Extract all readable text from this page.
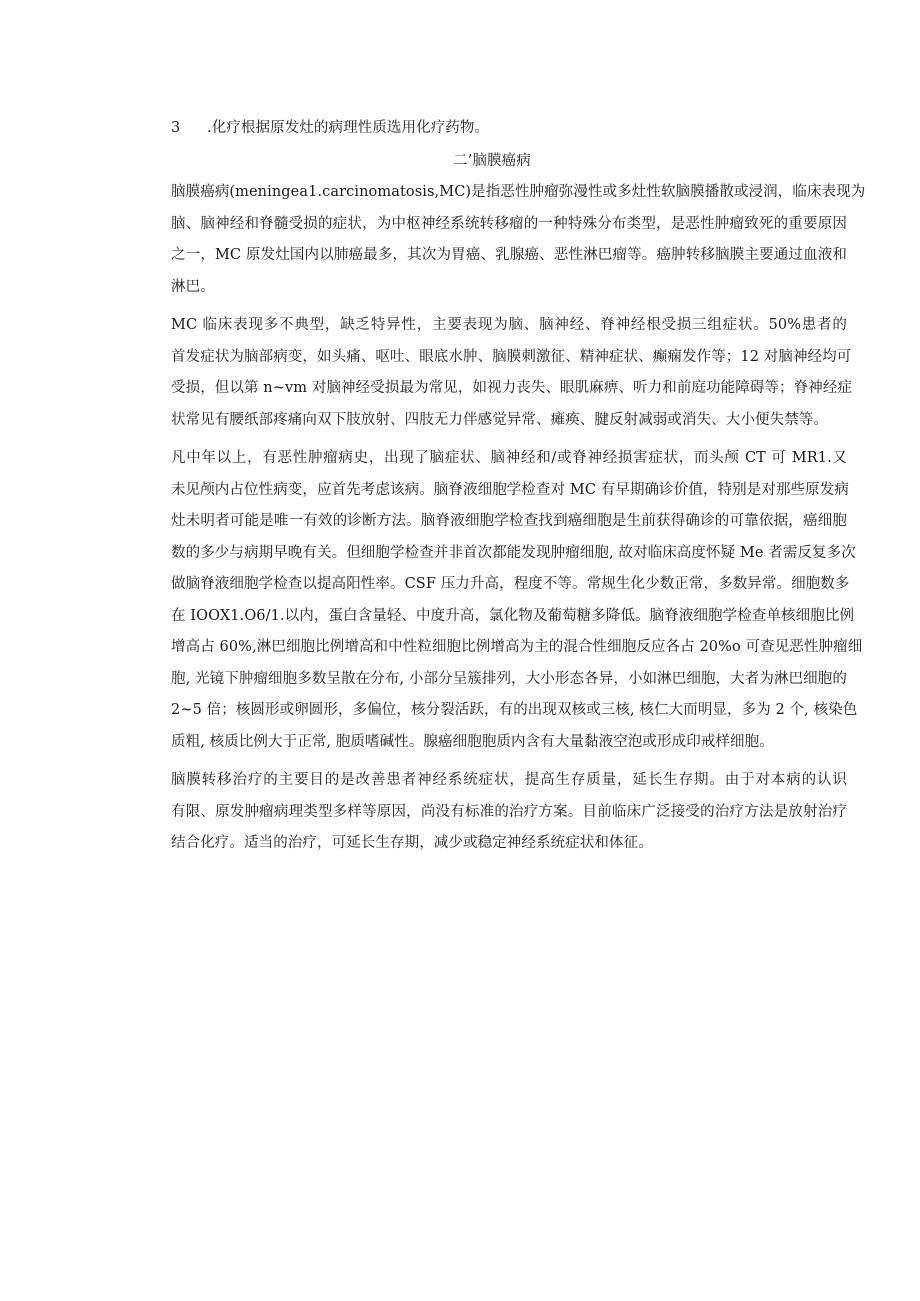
3 .化疗根据原发灶的病理性质选用化疗药物。

二’脑膜癌病

脑膜癌病(meningea1.carcinomatosis,MC)是指恶性肿瘤弥漫性或多灶性软脑膜播散或浸润，临床表现为
脑、脑神经和脊髓受损的症状，为中枢神经系统转移瘤的一种特殊分布类型，是恶性肿瘤致死的重要原因
之一，MC 原发灶国内以肺癌最多，其次为胃癌、乳腺癌、恶性淋巴瘤等。癌肿转移脑膜主要通过血液和
淋巴。
MC 临床表现多不典型，缺乏特异性，主要表现为脑、脑神经、脊神经根受损三组症状。50%患者的
首发症状为脑部病变，如头痛、呕吐、眼底水肿、脑膜刺激征、精神症状、癫痫发作等；12 对脑神经均可
受损，但以第 n~vm 对脑神经受损最为常见，如视力丧失、眼肌麻痹、听力和前庭功能障碍等；脊神经症
状常见有腰纸部疼痛向双下肢放射、四肢无力伴感觉异常、瘫痪、腱反射减弱或消失、大小便失禁等。
凡中年以上，有恶性肿瘤病史，出现了脑症状、脑神经和/或脊神经损害症状，而头颅 CT 可 MR1.又
未见颅内占位性病变，应首先考虑该病。脑脊液细胞学检查对 MC 有早期确诊价值，特别是对那些原发病
灶未明者可能是唯一有效的诊断方法。脑脊液细胞学检查找到癌细胞是生前获得确诊的可靠依据，癌细胞
数的多少与病期早晚有关。但细胞学检查并非首次都能发现肿瘤细胞, 故对临床高度怀疑 Me 者需反复多次
做脑脊液细胞学检查以提高阳性率。CSF 压力升高，程度不等。常规生化少数正常，多数异常。细胞数多
在 IOOX1.O6/1.以内，蛋白含量轻、中度升高，氯化物及葡萄糖多降低。脑脊液细胞学检查单核细胞比例
增高占 60%,淋巴细胞比例增高和中性粒细胞比例增高为主的混合性细胞反应各占 20%o 可查见恶性肿瘤细
胞, 光镜下肿瘤细胞多数呈散在分布, 小部分呈簇排列，大小形态各异，小如淋巴细胞，大者为淋巴细胞的
2~5 倍；核圆形或卵圆形，多偏位，核分裂活跃，有的出现双核或三核, 核仁大而明显，多为 2 个, 核染色
质粗, 核质比例大于正常, 胞质嗜碱性。腺癌细胞胞质内含有大量黏液空泡或形成印戒样细胞。
脑膜转移治疗的主要目的是改善患者神经系统症状，提高生存质量，延长生存期。由于对本病的认识
有限、原发肿瘤病理类型多样等原因，尚没有标准的治疗方案。目前临床广泛接受的治疗方法是放射治疗
结合化疗。适当的治疗，可延长生存期，减少或稳定神经系统症状和体征。
